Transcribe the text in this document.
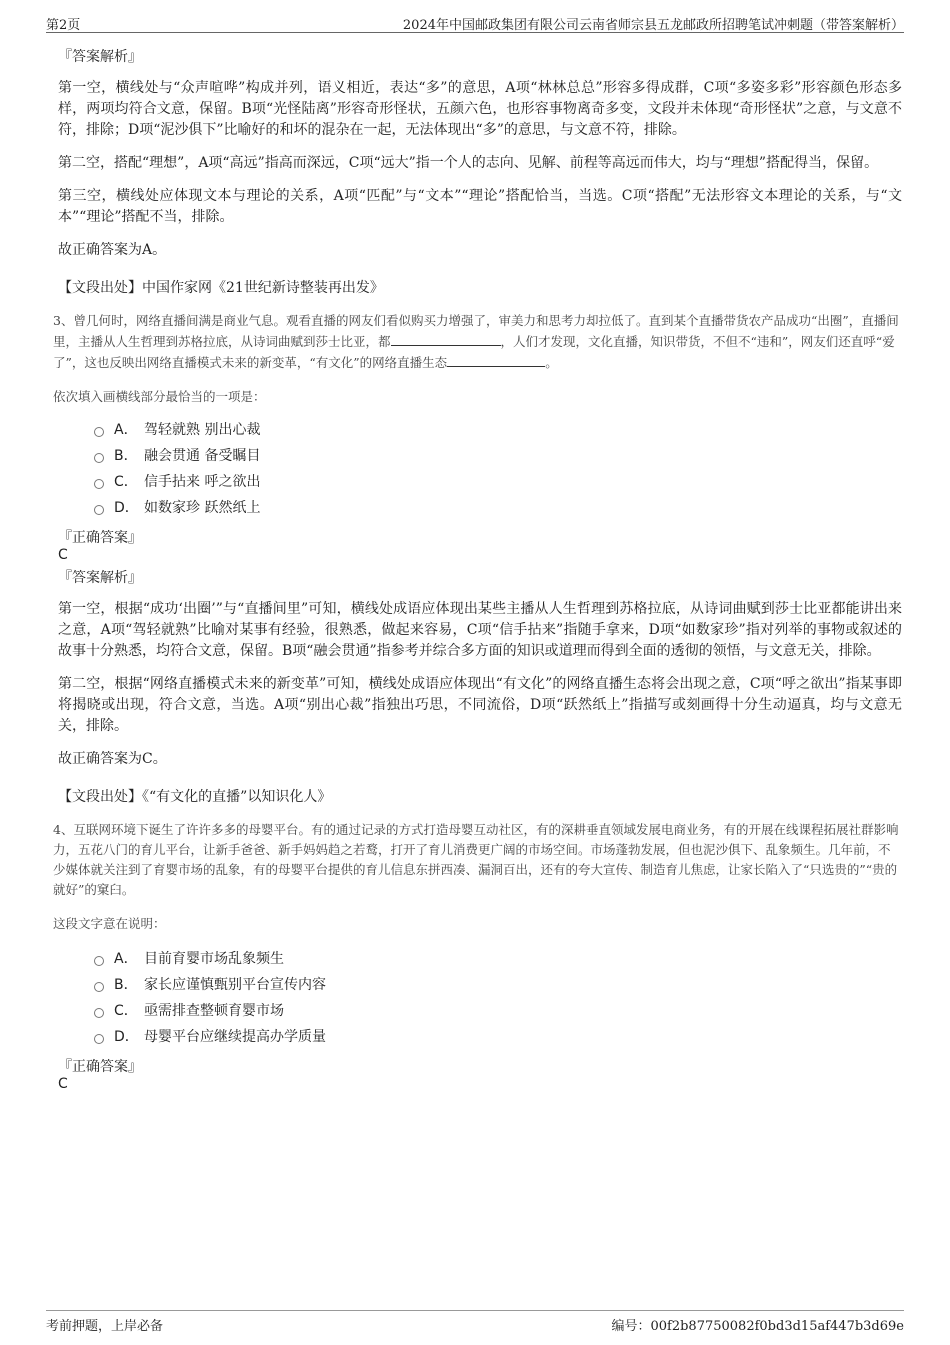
第2页	2024年中国邮政集团有限公司云南省师宗县五龙邮政所招聘笔试冲刺题（带答案解析）
『答案解析』

第一空，横线处与“众声喧哗”构成并列，语义相近，表达“多”的意思，A项“林林总总”形容多得成群，C项“多姿多彩”形容颜色形态多样，两项均符合文意，保留。B项“光怪陆离”形容奇形怪状，五颜六色，也形容事物离奇多变，文段并未体现“奇形怪状”之意，与文意不符，排除；D项“泥沙俱下”比喻好的和坏的混杂在一起，无法体现出“多”的意思，与文意不符，排除。

第二空，搭配“理想”，A项“高远”指高而深远，C项“远大”指一个人的志向、见解、前程等高远而伟大，均与“理想”搭配得当，保留。

第三空，横线处应体现文本与理论的关系，A项“匹配”与“文本”“理论”搭配恰当，当选。C项“搭配”无法形容文本理论的关系，与“文本”“理论”搭配不当，排除。

故正确答案为A。

【文段出处】中国作家网《21世纪新诗整装再出发》
3、曾几何时，网络直播间满是商业气息。观看直播的网友们看似购买力增强了，审美力和思考力却拉低了。直到某个直播带货农产品成功“出圈”，直播间里，主播从人生哲理到苏格拉底，从诗词曲赋到莎士比亚，都	，人们才发现，文化直播，知识带货，不但不“违和”，网友们还直呼“爱了”，这也反映出网络直播模式未来的新变革，“有文化”的网络直播生态	。
依次填入画横线部分最恰当的一项是：
A． 驾轻就熟 别出心裁
B． 融会贯通 备受瞩目
C． 信手拈来 呼之欲出
D． 如数家珍 跃然纸上
『正确答案』
C
『答案解析』

第一空，根据“成功‘出圈’”与“直播间里”可知，横线处成语应体现出某些主播从人生哲理到苏格拉底，从诗词曲赋到莎士比亚都能讲出来之意，A项“驾轻就熟”比喻对某事有经验，很熟悉，做起来容易，C项“信手拈来”指随手拿来，D项“如数家珍”指对列举的事物或叙述的故事十分熟悉，均符合文意，保留。B项“融会贯通”指参考并综合多方面的知识或道理而得到全面的透彻的领悟，与文意无关，排除。

第二空，根据“网络直播模式未来的新变革”可知，横线处成语应体现出“有文化”的网络直播生态将会出现之意，C项“呼之欲出”指某事即将揭晓或出现，符合文意，当选。A项“别出心裁”指独出巧思，不同流俗，D项“跃然纸上”指描写或刻画得十分生动逼真，均与文意无关，排除。

故正确答案为C。

【文段出处】《“有文化的直播”以知识化人》
4、互联网环境下诞生了许许多多的母婴平台。有的通过记录的方式打造母婴互动社区，有的深耕垂直领域发展电商业务，有的开展在线课程拓展社群影响力，五花八门的育儿平台，让新手爸爸、新手妈妈趋之若鹜，打开了育儿消费更广阔的市场空间。市场蓬勃发展，但也泥沙俱下、乱象频生。几年前，不少媒体就关注到了育婴市场的乱象，有的母婴平台提供的育儿信息东拼西凑、漏洞百出，还有的夸大宣传、制造育儿焦虑，让家长陷入了“只选贵的”“贵的就好”的窠臼。
这段文字意在说明：
A． 目前育婴市场乱象频生
B． 家长应谨慎甄别平台宣传内容
C． 亟需排查整顿育婴市场
D． 母婴平台应继续提高办学质量
『正确答案』
C
考前押题，上岸必备	编号：00f2b87750082f0bd3d15af447b3d69e
